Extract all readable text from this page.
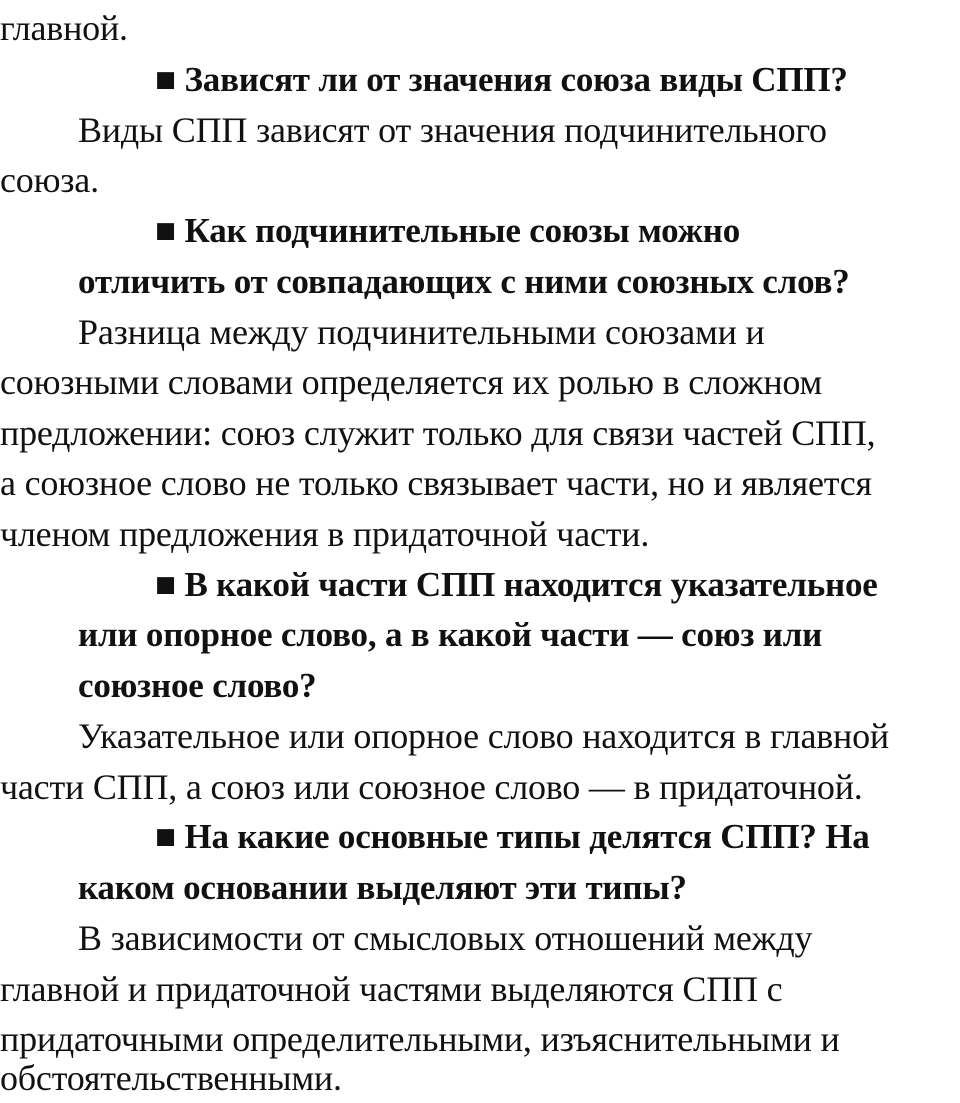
главной.
■ Зависят ли от значения союза виды СПП?
Виды СПП зависят от значения подчинительного
союза.
■ Как подчинительные союзы можно
отличить от совпадающих с ними союзных слов?
Разница между подчинительными союзами и
союзными словами определяется их ролью в сложном
предложении: союз служит только для связи частей СПП,
а союзное слово не только связывает части, но и является
членом предложения в придаточной части.
■ В какой части СПП находится указательное
или опорное слово, а в какой части — союз или
союзное слово?
Указательное или опорное слово находится в главной
части СПП, а союз или союзное слово — в придаточной.
■ На какие основные типы делятся СПП? На
каком основании выделяют эти типы?
В зависимости от смысловых отношений между
главной и придаточной частями выделяются СПП с
придаточными определительными, изъяснительными и
обстоятельственными.
